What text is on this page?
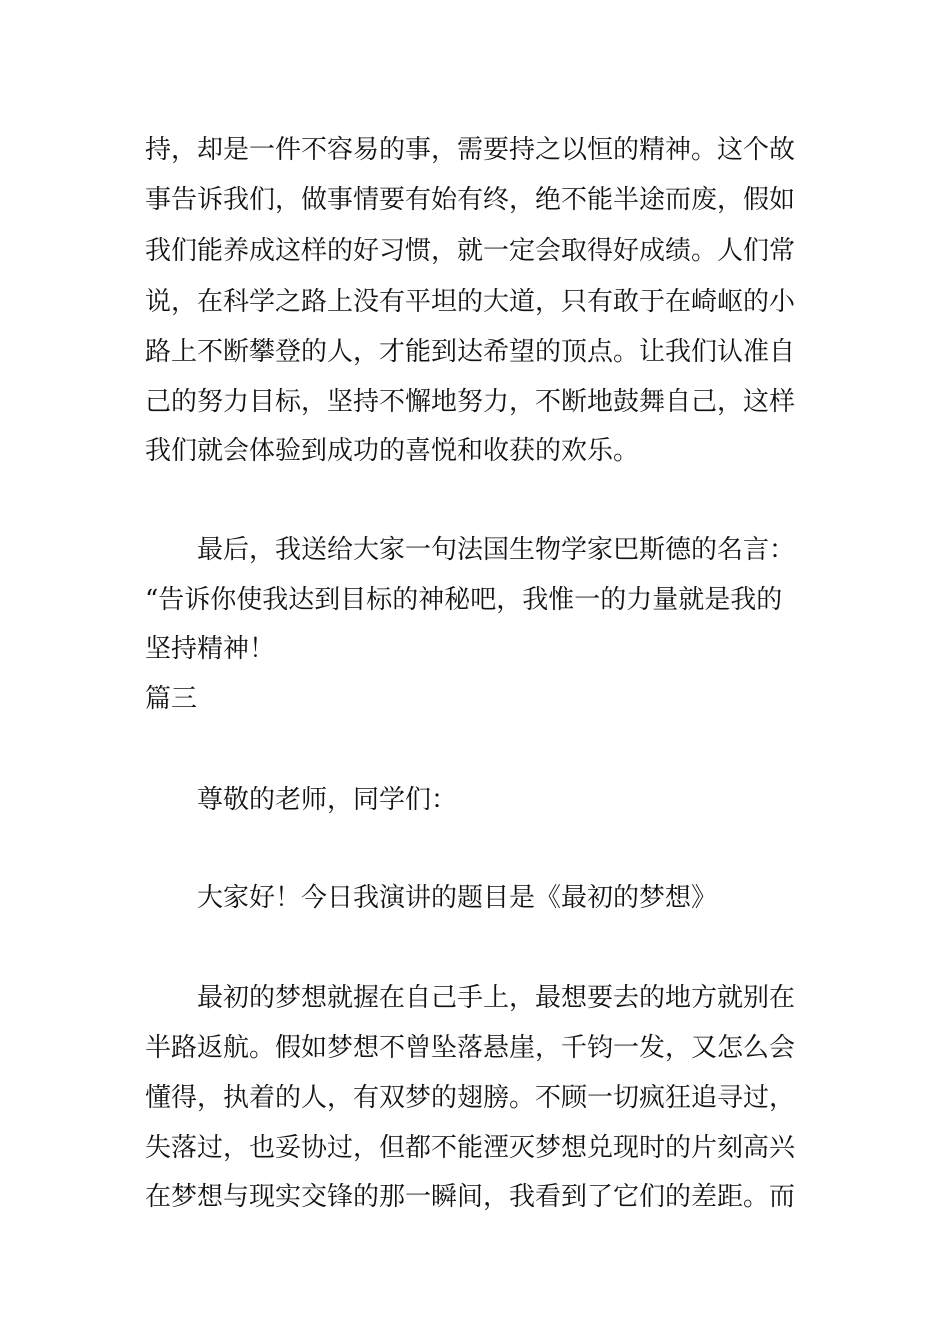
持，却是一件不容易的事，需要持之以恒的精神。这个故
事告诉我们，做事情要有始有终，绝不能半途而废，假如
我们能养成这样的好习惯，就一定会取得好成绩。人们常
说，在科学之路上没有平坦的大道，只有敢于在崎岖的小
路上不断攀登的人，才能到达希望的顶点。让我们认准自
己的努力目标，坚持不懈地努力，不断地鼓舞自己，这样
我们就会体验到成功的喜悦和收获的欢乐。
最后，我送给大家一句法国生物学家巴斯德的名言：
“告诉你使我达到目标的神秘吧，我惟一的力量就是我的
坚持精神！
篇三
尊敬的老师，同学们：
大家好！今日我演讲的题目是《最初的梦想》
最初的梦想就握在自己手上，最想要去的地方就别在
半路返航。假如梦想不曾坠落悬崖，千钧一发，又怎么会
懂得，执着的人，有双梦的翅膀。不顾一切疯狂追寻过，
失落过，也妥协过，但都不能湮灭梦想兑现时的片刻高兴
在梦想与现实交锋的那一瞬间，我看到了它们的差距。而
